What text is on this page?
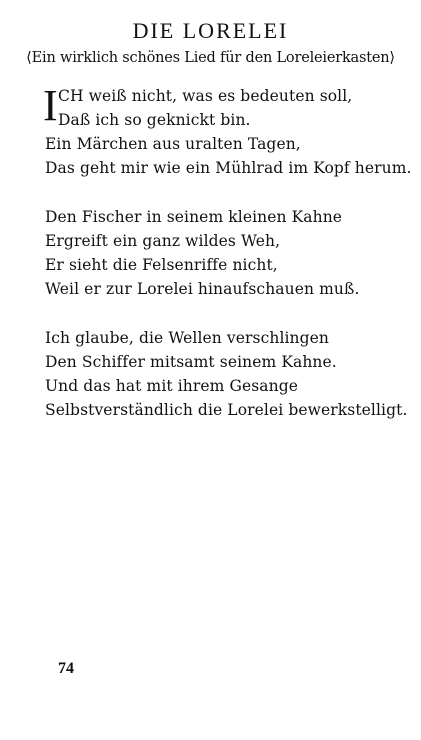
DIE LORELEI
⟨Ein wirklich schönes Lied für den Loreleierkasten⟩
I CH weiß nicht, was es bedeuten soll,
Daß ich so geknickt bin.
Ein Märchen aus uralten Tagen,
Das geht mir wie ein Mühlrad im Kopf herum.
Den Fischer in seinem kleinen Kahne
Ergreift ein ganz wildes Weh,
Er sieht die Felsenriffe nicht,
Weil er zur Lorelei hinaufschauen muß.
Ich glaube, die Wellen verschlingen
Den Schiffer mitsamt seinem Kahne.
Und das hat mit ihrem Gesange
Selbstverständlich die Lorelei bewerkstelligt.
74
